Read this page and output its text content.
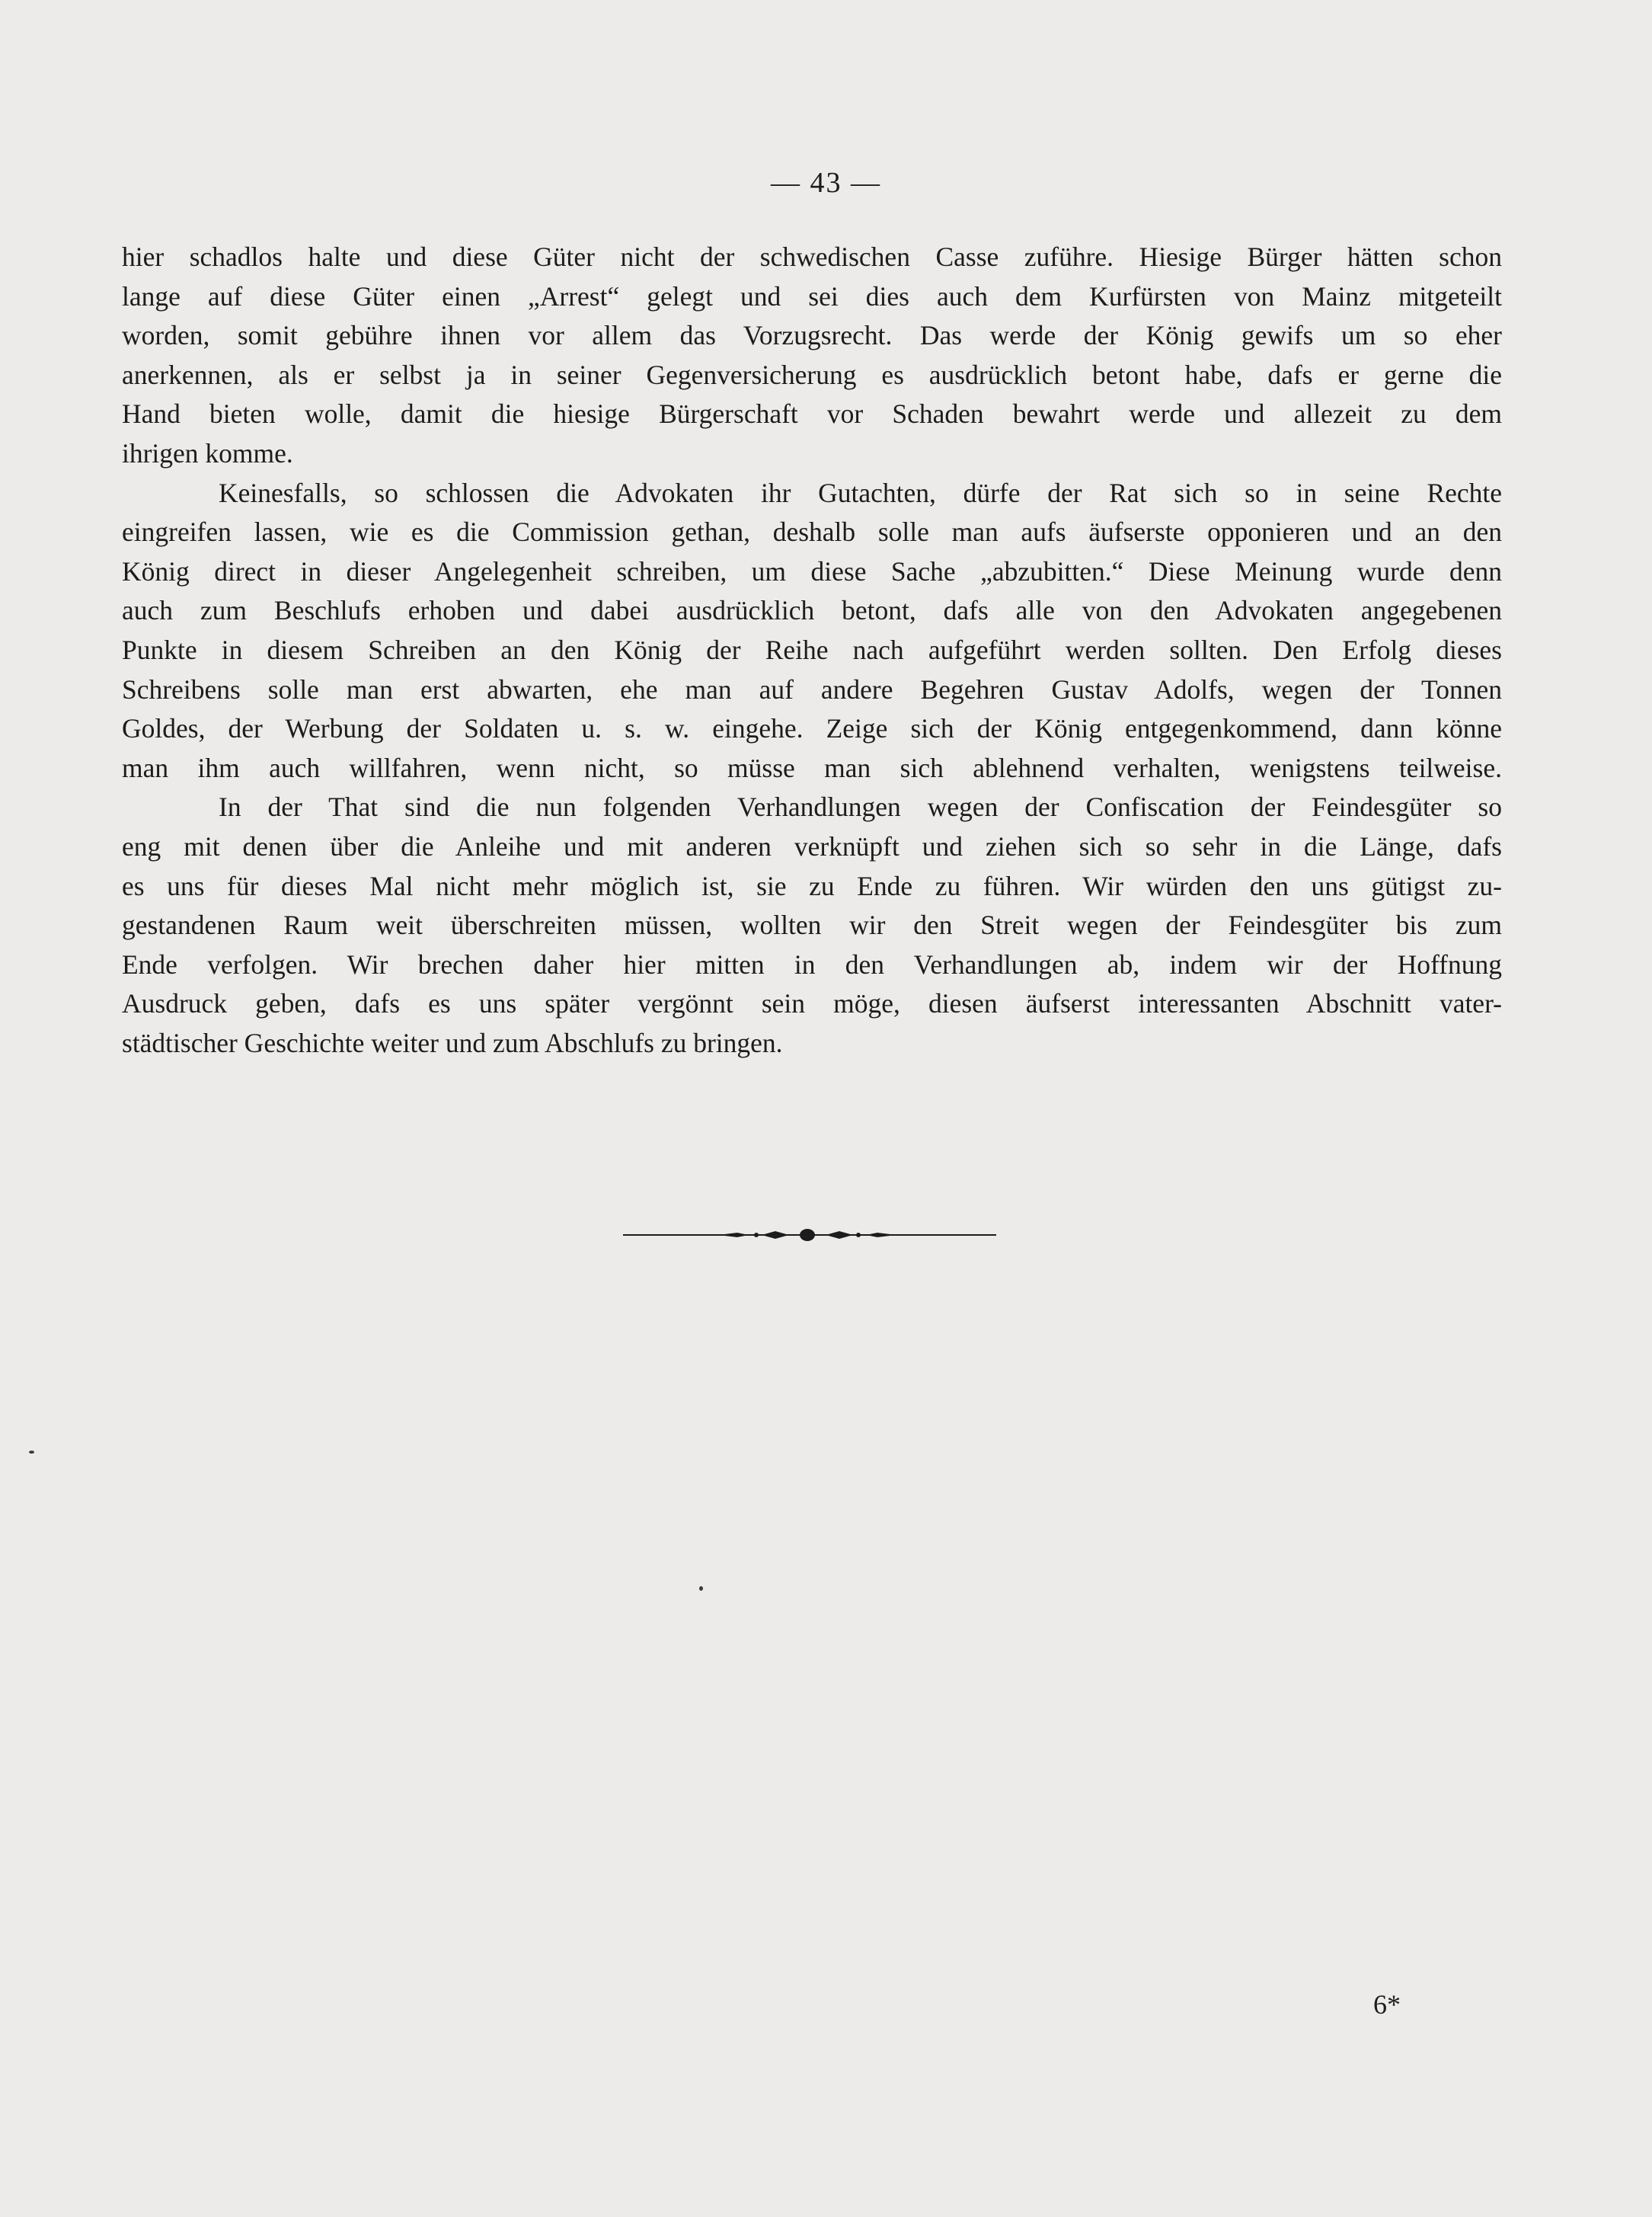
— 43 —
hier schadlos halte und diese Güter nicht der schwedischen Casse zuführe. Hiesige Bürger hätten schon
lange auf diese Güter einen „Arrest“ gelegt und sei dies auch dem Kurfürsten von Mainz mitgeteilt
worden, somit gebühre ihnen vor allem das Vorzugsrecht. Das werde der König gewifs um so eher
anerkennen, als er selbst ja in seiner Gegenversicherung es ausdrücklich betont habe, dafs er gerne die
Hand bieten wolle, damit die hiesige Bürgerschaft vor Schaden bewahrt werde und allezeit zu dem
ihrigen komme.
Keinesfalls, so schlossen die Advokaten ihr Gutachten, dürfe der Rat sich so in seine Rechte
eingreifen lassen, wie es die Commission gethan, deshalb solle man aufs äufserste opponieren und an den
König direct in dieser Angelegenheit schreiben, um diese Sache „abzubitten.“ Diese Meinung wurde denn
auch zum Beschlufs erhoben und dabei ausdrücklich betont, dafs alle von den Advokaten angegebenen
Punkte in diesem Schreiben an den König der Reihe nach aufgeführt werden sollten. Den Erfolg dieses
Schreibens solle man erst abwarten, ehe man auf andere Begehren Gustav Adolfs, wegen der Tonnen
Goldes, der Werbung der Soldaten u. s. w. eingehe. Zeige sich der König entgegenkommend, dann könne
man ihm auch willfahren, wenn nicht, so müsse man sich ablehnend verhalten, wenigstens teilweise.
In der That sind die nun folgenden Verhandlungen wegen der Confiscation der Feindesgüter so
eng mit denen über die Anleihe und mit anderen verknüpft und ziehen sich so sehr in die Länge, dafs
es uns für dieses Mal nicht mehr möglich ist, sie zu Ende zu führen. Wir würden den uns gütigst zu-
gestandenen Raum weit überschreiten müssen, wollten wir den Streit wegen der Feindesgüter bis zum
Ende verfolgen. Wir brechen daher hier mitten in den Verhandlungen ab, indem wir der Hoffnung
Ausdruck geben, dafs es uns später vergönnt sein möge, diesen äufserst interessanten Abschnitt vater-
städtischer Geschichte weiter und zum Abschlufs zu bringen.
6*
